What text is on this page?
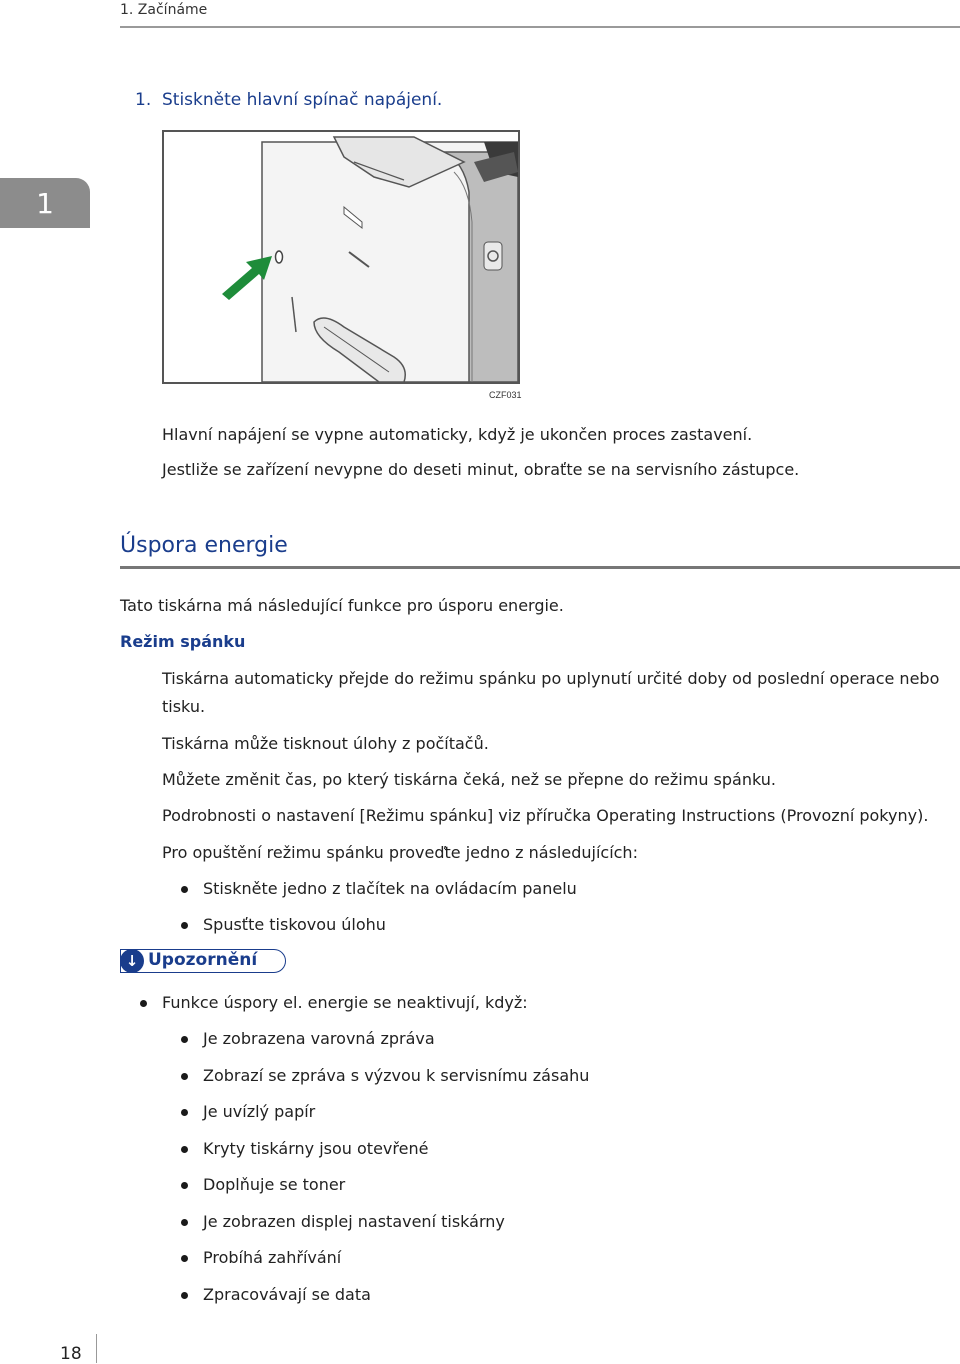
1. Začínáme
1
1. Stiskněte hlavní spínač napájení.
CZF031
Hlavní napájení se vypne automaticky, když je ukončen proces zastavení.
Jestliže se zařízení nevypne do deseti minut, obraťte se na servisního zástupce.
Úspora energie
Tato tiskárna má následující funkce pro úsporu energie.
Režim spánku
Tiskárna automaticky přejde do režimu spánku po uplynutí určité doby od poslední operace nebo
tisku.
Tiskárna může tisknout úlohy z počítačů.
Můžete změnit čas, po který tiskárna čeká, než se přepne do režimu spánku.
Podrobnosti o nastavení [Režimu spánku] viz příručka Operating Instructions (Provozní pokyny).
Pro opuštění režimu spánku proveďte jedno z následujících:
Stiskněte jedno z tlačítek na ovládacím panelu
Spusťte tiskovou úlohu
↓ Upozornění
Funkce úspory el. energie se neaktivují, když:
Je zobrazena varovná zpráva
Zobrazí se zpráva s výzvou k servisnímu zásahu
Je uvízlý papír
Kryty tiskárny jsou otevřené
Doplňuje se toner
Je zobrazen displej nastavení tiskárny
Probíhá zahřívání
Zpracovávají se data
18
